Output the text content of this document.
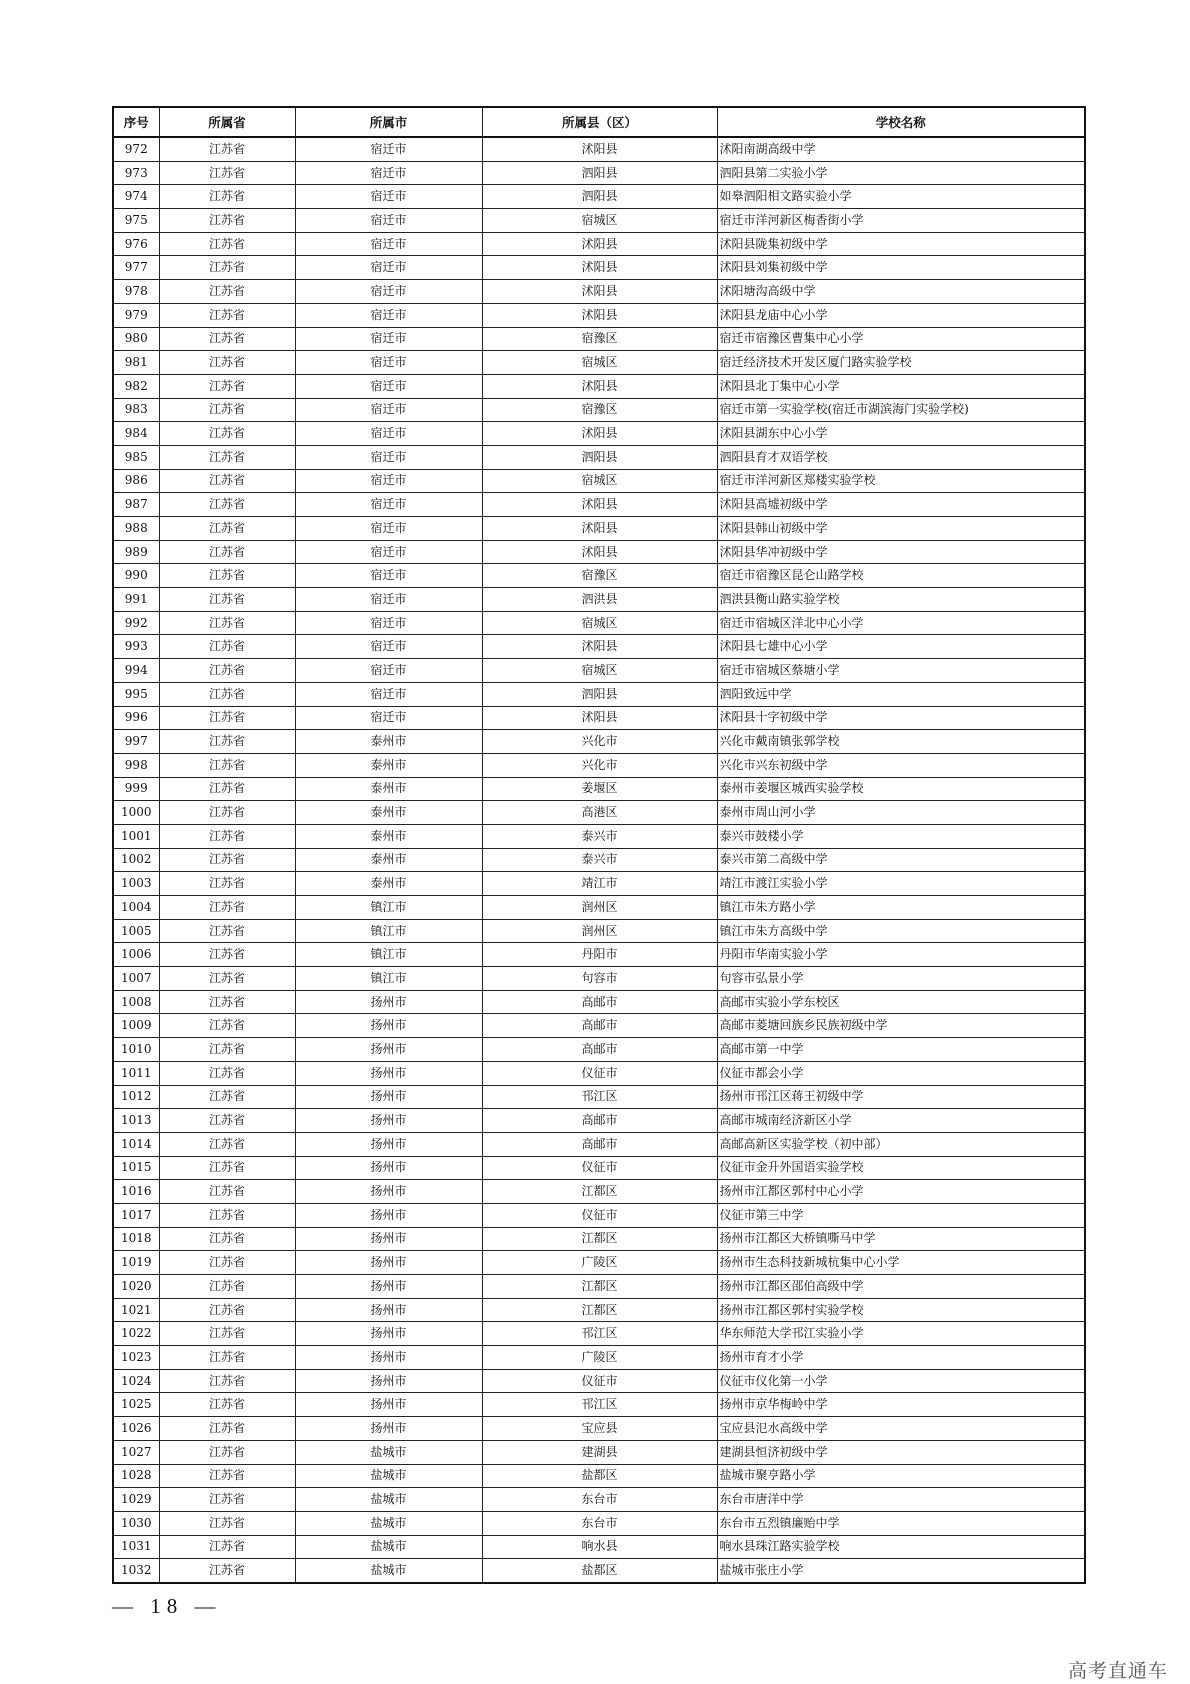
序号	所属省	所属市	所属县（区）	学校名称
972	江苏省	宿迁市	沭阳县	沭阳南湖高级中学
973	江苏省	宿迁市	泗阳县	泗阳县第二实验小学
974	江苏省	宿迁市	泗阳县	如皋泗阳相文路实验小学
975	江苏省	宿迁市	宿城区	宿迁市洋河新区梅香街小学
976	江苏省	宿迁市	沭阳县	沭阳县陇集初级中学
977	江苏省	宿迁市	沭阳县	沭阳县刘集初级中学
978	江苏省	宿迁市	沭阳县	沭阳塘沟高级中学
979	江苏省	宿迁市	沭阳县	沭阳县龙庙中心小学
980	江苏省	宿迁市	宿豫区	宿迁市宿豫区曹集中心小学
981	江苏省	宿迁市	宿城区	宿迁经济技术开发区厦门路实验学校
982	江苏省	宿迁市	沭阳县	沭阳县北丁集中心小学
983	江苏省	宿迁市	宿豫区	宿迁市第一实验学校(宿迁市湖滨海门实验学校)
984	江苏省	宿迁市	沭阳县	沭阳县湖东中心小学
985	江苏省	宿迁市	泗阳县	泗阳县育才双语学校
986	江苏省	宿迁市	宿城区	宿迁市洋河新区郑楼实验学校
987	江苏省	宿迁市	沭阳县	沭阳县高墟初级中学
988	江苏省	宿迁市	沭阳县	沭阳县韩山初级中学
989	江苏省	宿迁市	沭阳县	沭阳县华冲初级中学
990	江苏省	宿迁市	宿豫区	宿迁市宿豫区昆仑山路学校
991	江苏省	宿迁市	泗洪县	泗洪县衡山路实验学校
992	江苏省	宿迁市	宿城区	宿迁市宿城区洋北中心小学
993	江苏省	宿迁市	沭阳县	沭阳县七雄中心小学
994	江苏省	宿迁市	宿城区	宿迁市宿城区蔡塘小学
995	江苏省	宿迁市	泗阳县	泗阳致远中学
996	江苏省	宿迁市	沭阳县	沭阳县十字初级中学
997	江苏省	泰州市	兴化市	兴化市戴南镇张郭学校
998	江苏省	泰州市	兴化市	兴化市兴东初级中学
999	江苏省	泰州市	姜堰区	泰州市姜堰区城西实验学校
1000	江苏省	泰州市	高港区	泰州市周山河小学
1001	江苏省	泰州市	泰兴市	泰兴市鼓楼小学
1002	江苏省	泰州市	泰兴市	泰兴市第二高级中学
1003	江苏省	泰州市	靖江市	靖江市渡江实验小学
1004	江苏省	镇江市	润州区	镇江市朱方路小学
1005	江苏省	镇江市	润州区	镇江市朱方高级中学
1006	江苏省	镇江市	丹阳市	丹阳市华南实验小学
1007	江苏省	镇江市	句容市	句容市弘景小学
1008	江苏省	扬州市	高邮市	高邮市实验小学东校区
1009	江苏省	扬州市	高邮市	高邮市菱塘回族乡民族初级中学
1010	江苏省	扬州市	高邮市	高邮市第一中学
1011	江苏省	扬州市	仪征市	仪征市都会小学
1012	江苏省	扬州市	邗江区	扬州市邗江区蒋王初级中学
1013	江苏省	扬州市	高邮市	高邮市城南经济新区小学
1014	江苏省	扬州市	高邮市	高邮高新区实验学校（初中部）
1015	江苏省	扬州市	仪征市	仪征市金升外国语实验学校
1016	江苏省	扬州市	江都区	扬州市江都区郭村中心小学
1017	江苏省	扬州市	仪征市	仪征市第三中学
1018	江苏省	扬州市	江都区	扬州市江都区大桥镇嘶马中学
1019	江苏省	扬州市	广陵区	扬州市生态科技新城杭集中心小学
1020	江苏省	扬州市	江都区	扬州市江都区邵伯高级中学
1021	江苏省	扬州市	江都区	扬州市江都区郭村实验学校
1022	江苏省	扬州市	邗江区	华东师范大学邗江实验小学
1023	江苏省	扬州市	广陵区	扬州市育才小学
1024	江苏省	扬州市	仪征市	仪征市仪化第一小学
1025	江苏省	扬州市	邗江区	扬州市京华梅岭中学
1026	江苏省	扬州市	宝应县	宝应县氾水高级中学
1027	江苏省	盐城市	建湖县	建湖县恒济初级中学
1028	江苏省	盐城市	盐都区	盐城市聚亨路小学
1029	江苏省	盐城市	东台市	东台市唐洋中学
1030	江苏省	盐城市	东台市	东台市五烈镇廉贻中学
1031	江苏省	盐城市	响水县	响水县珠江路实验学校
1032	江苏省	盐城市	盐都区	盐城市张庄小学
— 18 —
高考直通车
